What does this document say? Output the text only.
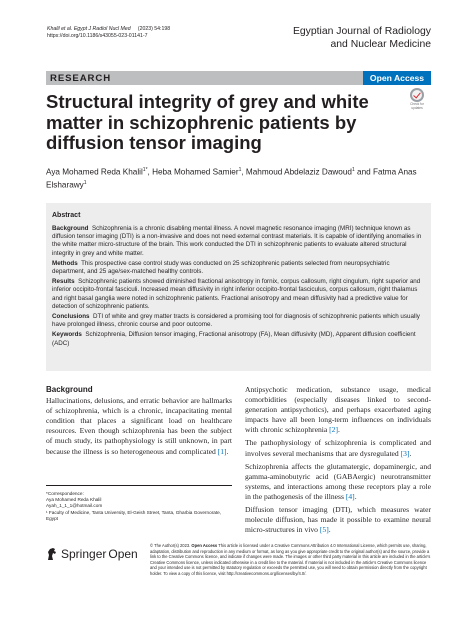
Khalil et al. Egypt J Radiol Nucl Med (2023) 54:198
https://doi.org/10.1186/s43055-023-01141-7	Egyptian Journal of Radiology and Nuclear Medicine
RESEARCH	Open Access
Structural integrity of grey and white matter in schizophrenic patients by diffusion tensor imaging
Check for
updates
Aya Mohamed Reda Khalil$^{1*}$, Heba Mohamed Samier$^1$, Mahmoud Abdelaziz Dawoud$^1$ and Fatma Anas Elsharawy$^1$
Abstract

Background Schizophrenia is a chronic disabling mental illness. A novel magnetic resonance imaging (MRI) technique known as diffusion tensor imaging (DTI) is a non-invasive and does not need external contrast materials. It is capable of identifying anomalies in the white matter micro-structure of the brain. This work conducted the DTI in schizophrenic patients to evaluate altered structural integrity in grey and white matter.

Methods This prospective case control study was conducted on 25 schizophrenic patients selected from neuropsychiatric department, and 25 age/sex-matched healthy controls.

Results Schizophrenic patients showed diminished fractional anisotropy in fornix, corpus callosum, right cingulum, right superior and inferior occipito-frontal fasciculi. Increased mean diffusivity in right inferior occipito-frontal fasciculus, corpus callosum, right thalamus and right basal ganglia were noted in schizophrenic patients. Fractional anisotropy and mean diffusivity had a predictive value for detection of schizophrenic patients.

Conclusions DTI of white and grey matter tracts is considered a promising tool for diagnosis of schizophrenic patients which usually have prolonged illness, chronic course and poor outcome.

Keywords Schizophrenia, Diffusion tensor imaging, Fractional anisotropy (FA), Mean diffusivity (MD), Apparent diffusion coefficient (ADC)

Background

Hallucinations, delusions, and erratic behavior are hallmarks of schizophrenia, which is a chronic, incapacitating mental condition that places a significant load on healthcare resources. Even though schizophrenia has been the subject of much study, its pathophysiology is still unknown, in part because the illness is so heterogeneous and complicated [1].

Antipsychotic medication, substance usage, medical comorbidities (especially diseases linked to second-generation antipsychotics), and perhaps exacerbated aging impacts have all been long-term influences on individuals with chronic schizophrenia [2].

The pathophysiology of schizophrenia is complicated and involves several mechanisms that are dysregulated [3].

Schizophrenia affects the glutamatergic, dopaminergic, and gamma-aminobutyric acid (GABAergic) neurotransmitter systems, and interactions among these receptors play a role in the pathogenesis of the illness [4].

Diffusion tensor imaging (DTI), which measures water molecule diffusion, has made it possible to examine neural micro-structures in vivo [5].

*Correspondence:
Aya Mohamed Reda Khalil
Ayah_1_1_1@hotmail.com
¹ Faculty of Medicine, Tanta University, El-Geish Street, Tanta, Gharbia Governorate, Egypt
Springer Open
© The Author(s) 2023. Open Access This article is licensed under a Creative Commons Attribution 4.0 International License, which permits use, sharing, adaptation, distribution and reproduction in any medium or format, as long as you give appropriate credit to the original author(s) and the source, provide a link to the Creative Commons licence, and indicate if changes were made. The images or other third party material in this article are included in the article's Creative Commons licence, unless indicated otherwise in a credit line to the material. If material is not included in the article's Creative Commons licence and your intended use is not permitted by statutory regulation or exceeds the permitted use, you will need to obtain permission directly from the copyright holder. To view a copy of this licence, visit http://creativecommons.org/licenses/by/4.0/.
